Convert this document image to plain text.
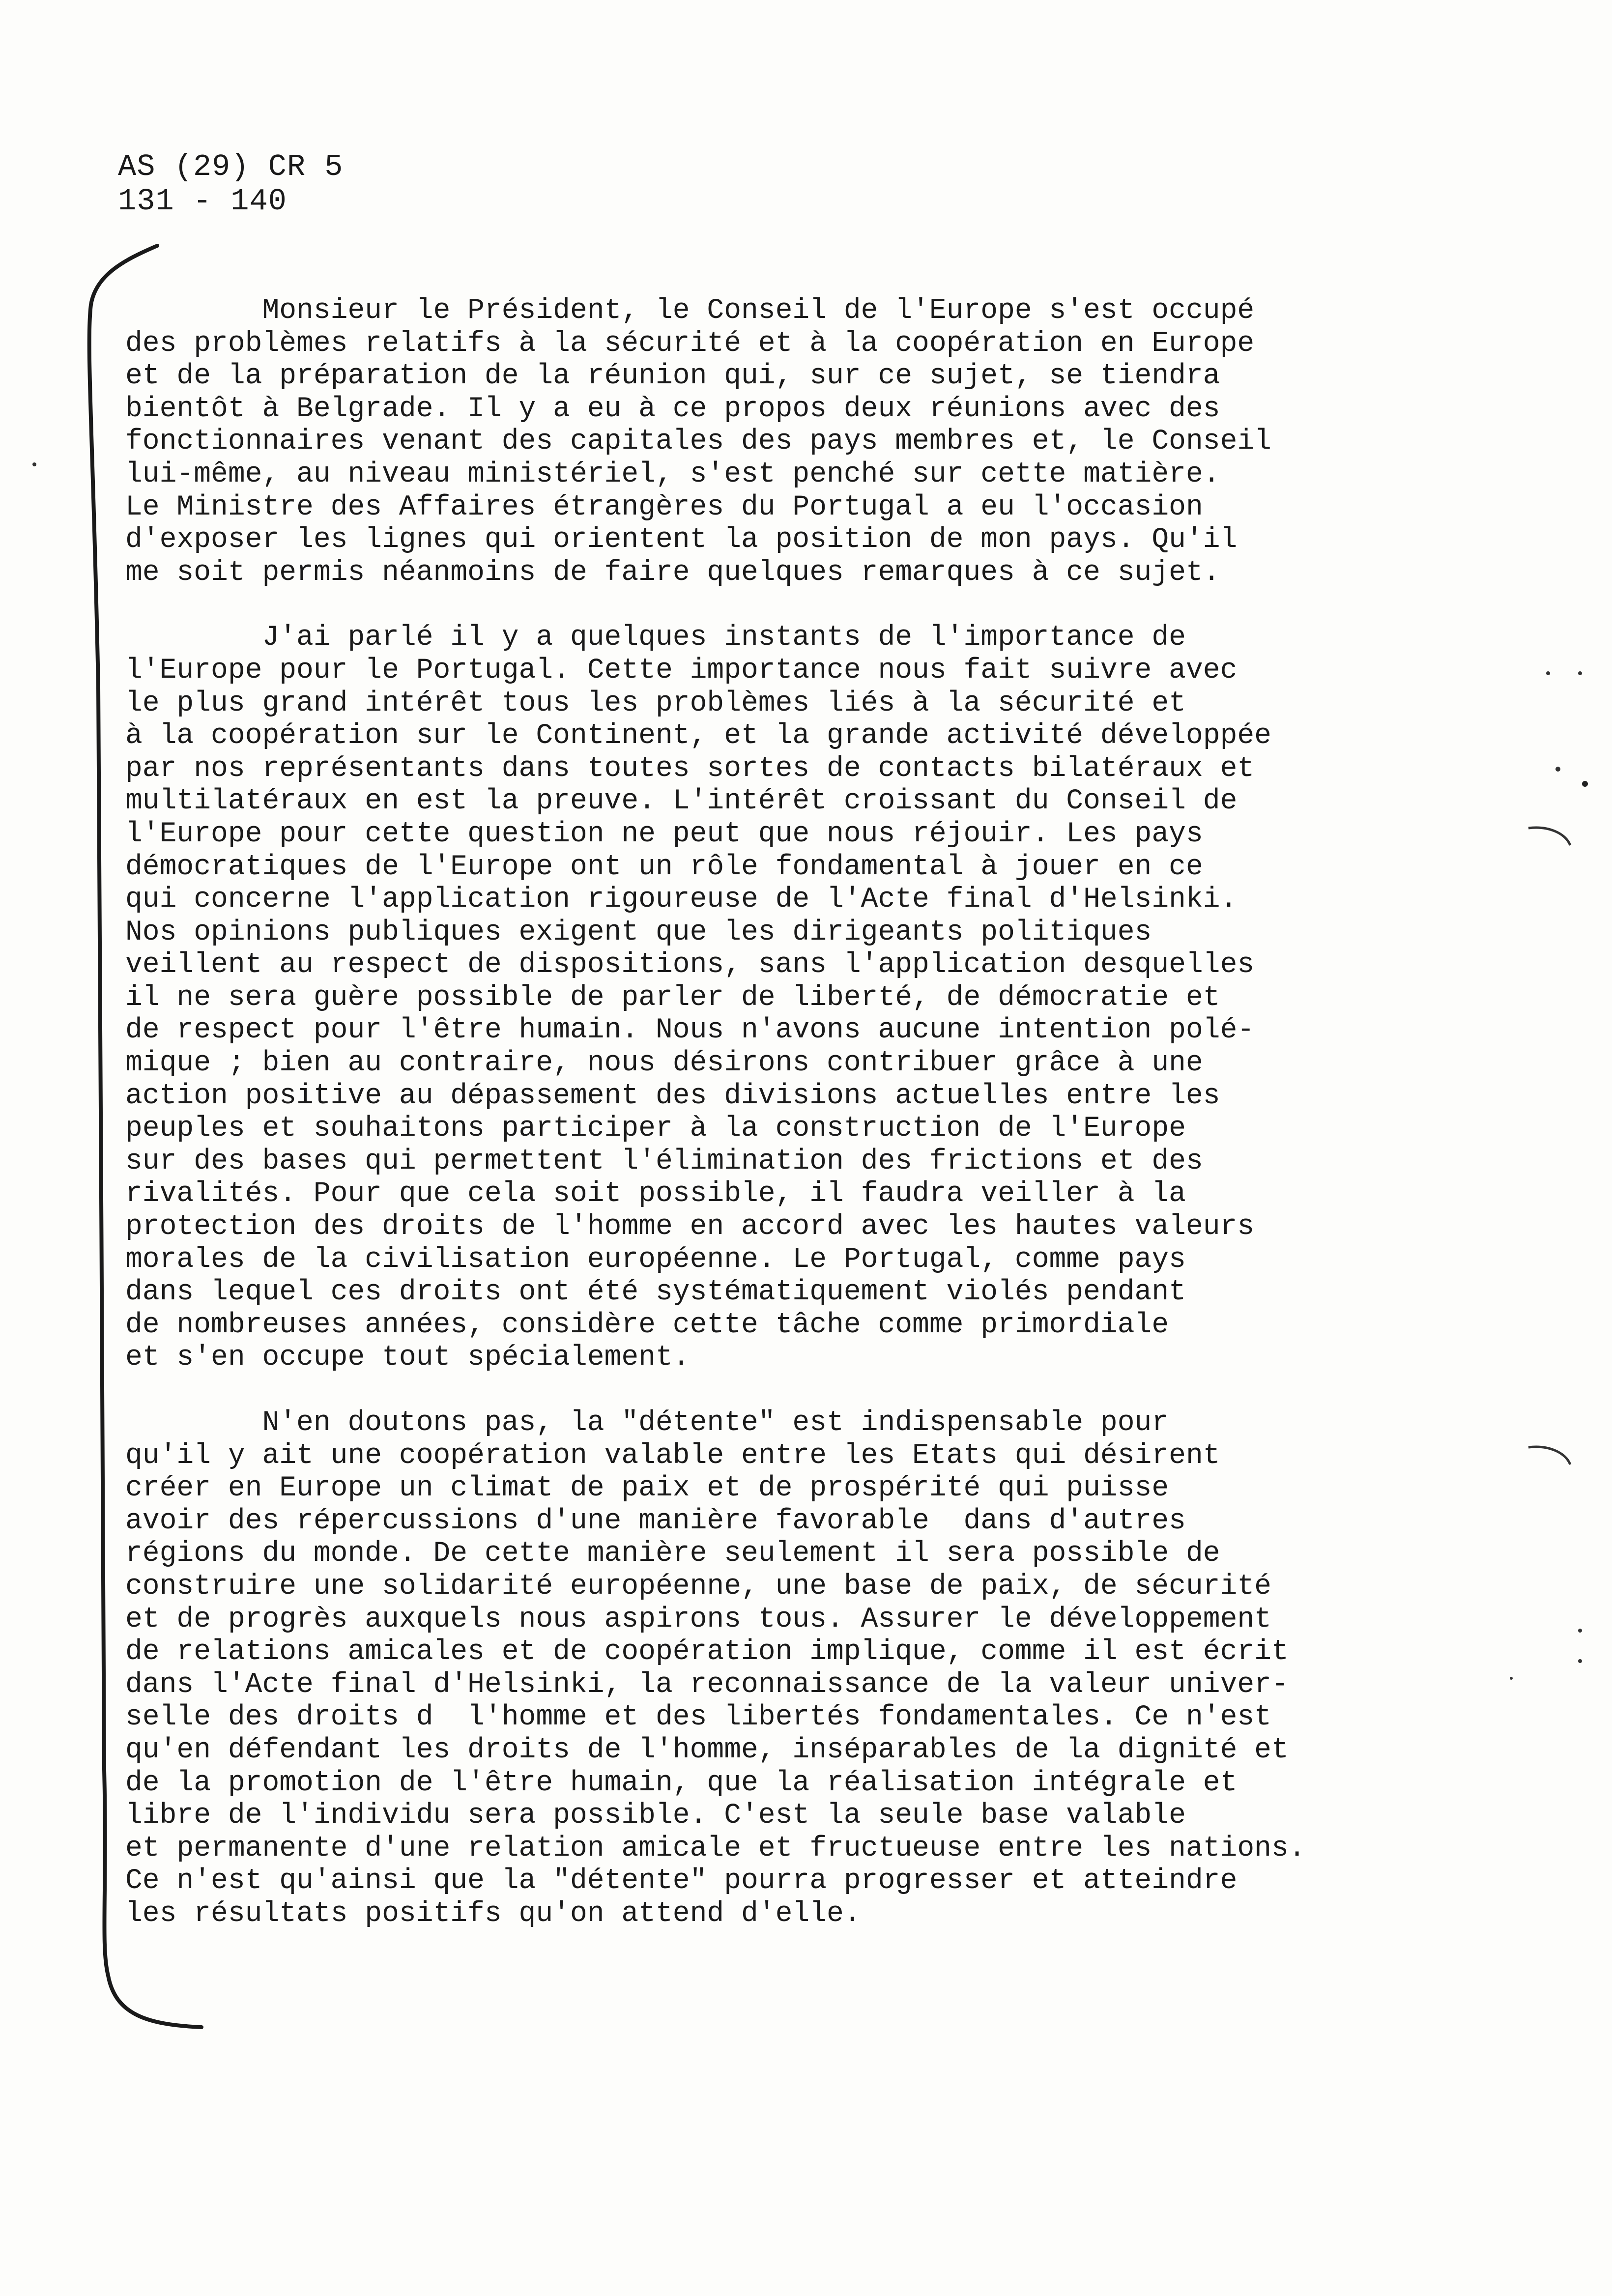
AS (29) CR 5
131 - 140
Monsieur le Président, le Conseil de l'Europe s'est occupé
des problèmes relatifs à la sécurité et à la coopération en Europe
et de la préparation de la réunion qui, sur ce sujet, se tiendra
bientôt à Belgrade. Il y a eu à ce propos deux réunions avec des
fonctionnaires venant des capitales des pays membres et, le Conseil
lui-même, au niveau ministériel, s'est penché sur cette matière.
Le Ministre des Affaires étrangères du Portugal a eu l'occasion
d'exposer les lignes qui orientent la position de mon pays. Qu'il
me soit permis néanmoins de faire quelques remarques à ce sujet.
J'ai parlé il y a quelques instants de l'importance de
l'Europe pour le Portugal. Cette importance nous fait suivre avec
le plus grand intérêt tous les problèmes liés à la sécurité et
à la coopération sur le Continent, et la grande activité développée
par nos représentants dans toutes sortes de contacts bilatéraux et
multilatéraux en est la preuve. L'intérêt croissant du Conseil de
l'Europe pour cette question ne peut que nous réjouir. Les pays
démocratiques de l'Europe ont un rôle fondamental à jouer en ce
qui concerne l'application rigoureuse de l'Acte final d'Helsinki.
Nos opinions publiques exigent que les dirigeants politiques
veillent au respect de dispositions, sans l'application desquelles
il ne sera guère possible de parler de liberté, de démocratie et
de respect pour l'être humain. Nous n'avons aucune intention polé-
mique ; bien au contraire, nous désirons contribuer grâce à une
action positive au dépassement des divisions actuelles entre les
peuples et souhaitons participer à la construction de l'Europe
sur des bases qui permettent l'élimination des frictions et des
rivalités. Pour que cela soit possible, il faudra veiller à la
protection des droits de l'homme en accord avec les hautes valeurs
morales de la civilisation européenne. Le Portugal, comme pays
dans lequel ces droits ont été systématiquement violés pendant
de nombreuses années, considère cette tâche comme primordiale
et s'en occupe tout spécialement.
N'en doutons pas, la "détente" est indispensable pour
qu'il y ait une coopération valable entre les Etats qui désirent
créer en Europe un climat de paix et de prospérité qui puisse
avoir des répercussions d'une manière favorable  dans d'autres
régions du monde. De cette manière seulement il sera possible de
construire une solidarité européenne, une base de paix, de sécurité
et de progrès auxquels nous aspirons tous. Assurer le développement
de relations amicales et de coopération implique, comme il est écrit
dans l'Acte final d'Helsinki, la reconnaissance de la valeur univer-
selle des droits d  l'homme et des libertés fondamentales. Ce n'est
qu'en défendant les droits de l'homme, inséparables de la dignité et
de la promotion de l'être humain, que la réalisation intégrale et
libre de l'individu sera possible. C'est la seule base valable
et permanente d'une relation amicale et fructueuse entre les nations.
Ce n'est qu'ainsi que la "détente" pourra progresser et atteindre
les résultats positifs qu'on attend d'elle.
